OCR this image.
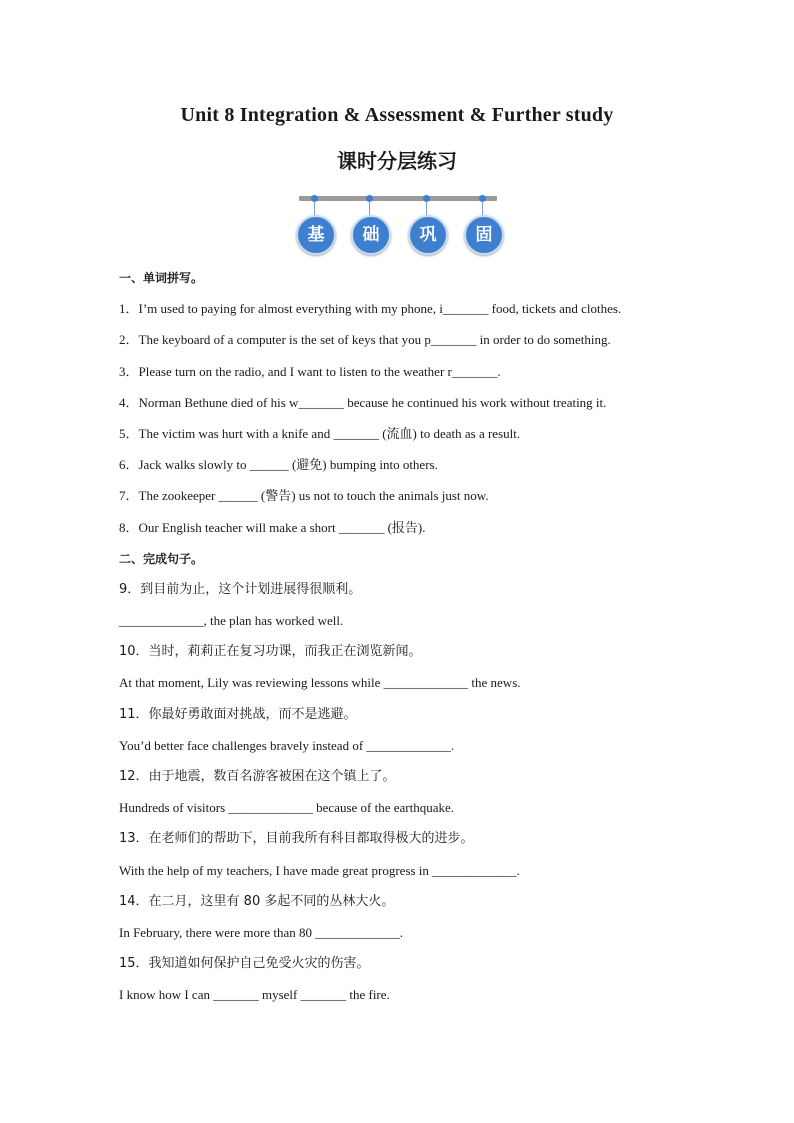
Unit 8 Integration & Assessment & Further study
课时分层练习
基	础	巩	固
一、单词拼写。
1．I’m used to paying for almost everything with my phone, i_______ food, tickets and clothes.
2．The keyboard of a computer is the set of keys that you p_______ in order to do something.
3．Please turn on the radio, and I want to listen to the weather r_______.
4．Norman Bethune died of his w_______ because he continued his work without treating it.
5．The victim was hurt with a knife and _______ (流血) to death as a result.
6．Jack walks slowly to ______ (避免) bumping into others.
7．The zookeeper ______ (警告) us not to touch the animals just now.
8．Our English teacher will make a short _______ (报告).
二、完成句子。
9．到目前为止，这个计划进展得很顺利。
_____________, the plan has worked well.
10．当时，莉莉正在复习功课，而我正在浏览新闻。
At that moment, Lily was reviewing lessons while _____________ the news.
11．你最好勇敢面对挑战，而不是逃避。
You’d better face challenges bravely instead of _____________.
12．由于地震，数百名游客被困在这个镇上了。
Hundreds of visitors _____________ because of the earthquake.
13．在老师们的帮助下，目前我所有科目都取得极大的进步。
With the help of my teachers, I have made great progress in _____________.
14．在二月，这里有 80 多起不同的丛林大火。
In February, there were more than 80 _____________.
15．我知道如何保护自己免受火灾的伤害。
I know how I can _______ myself _______ the fire.
